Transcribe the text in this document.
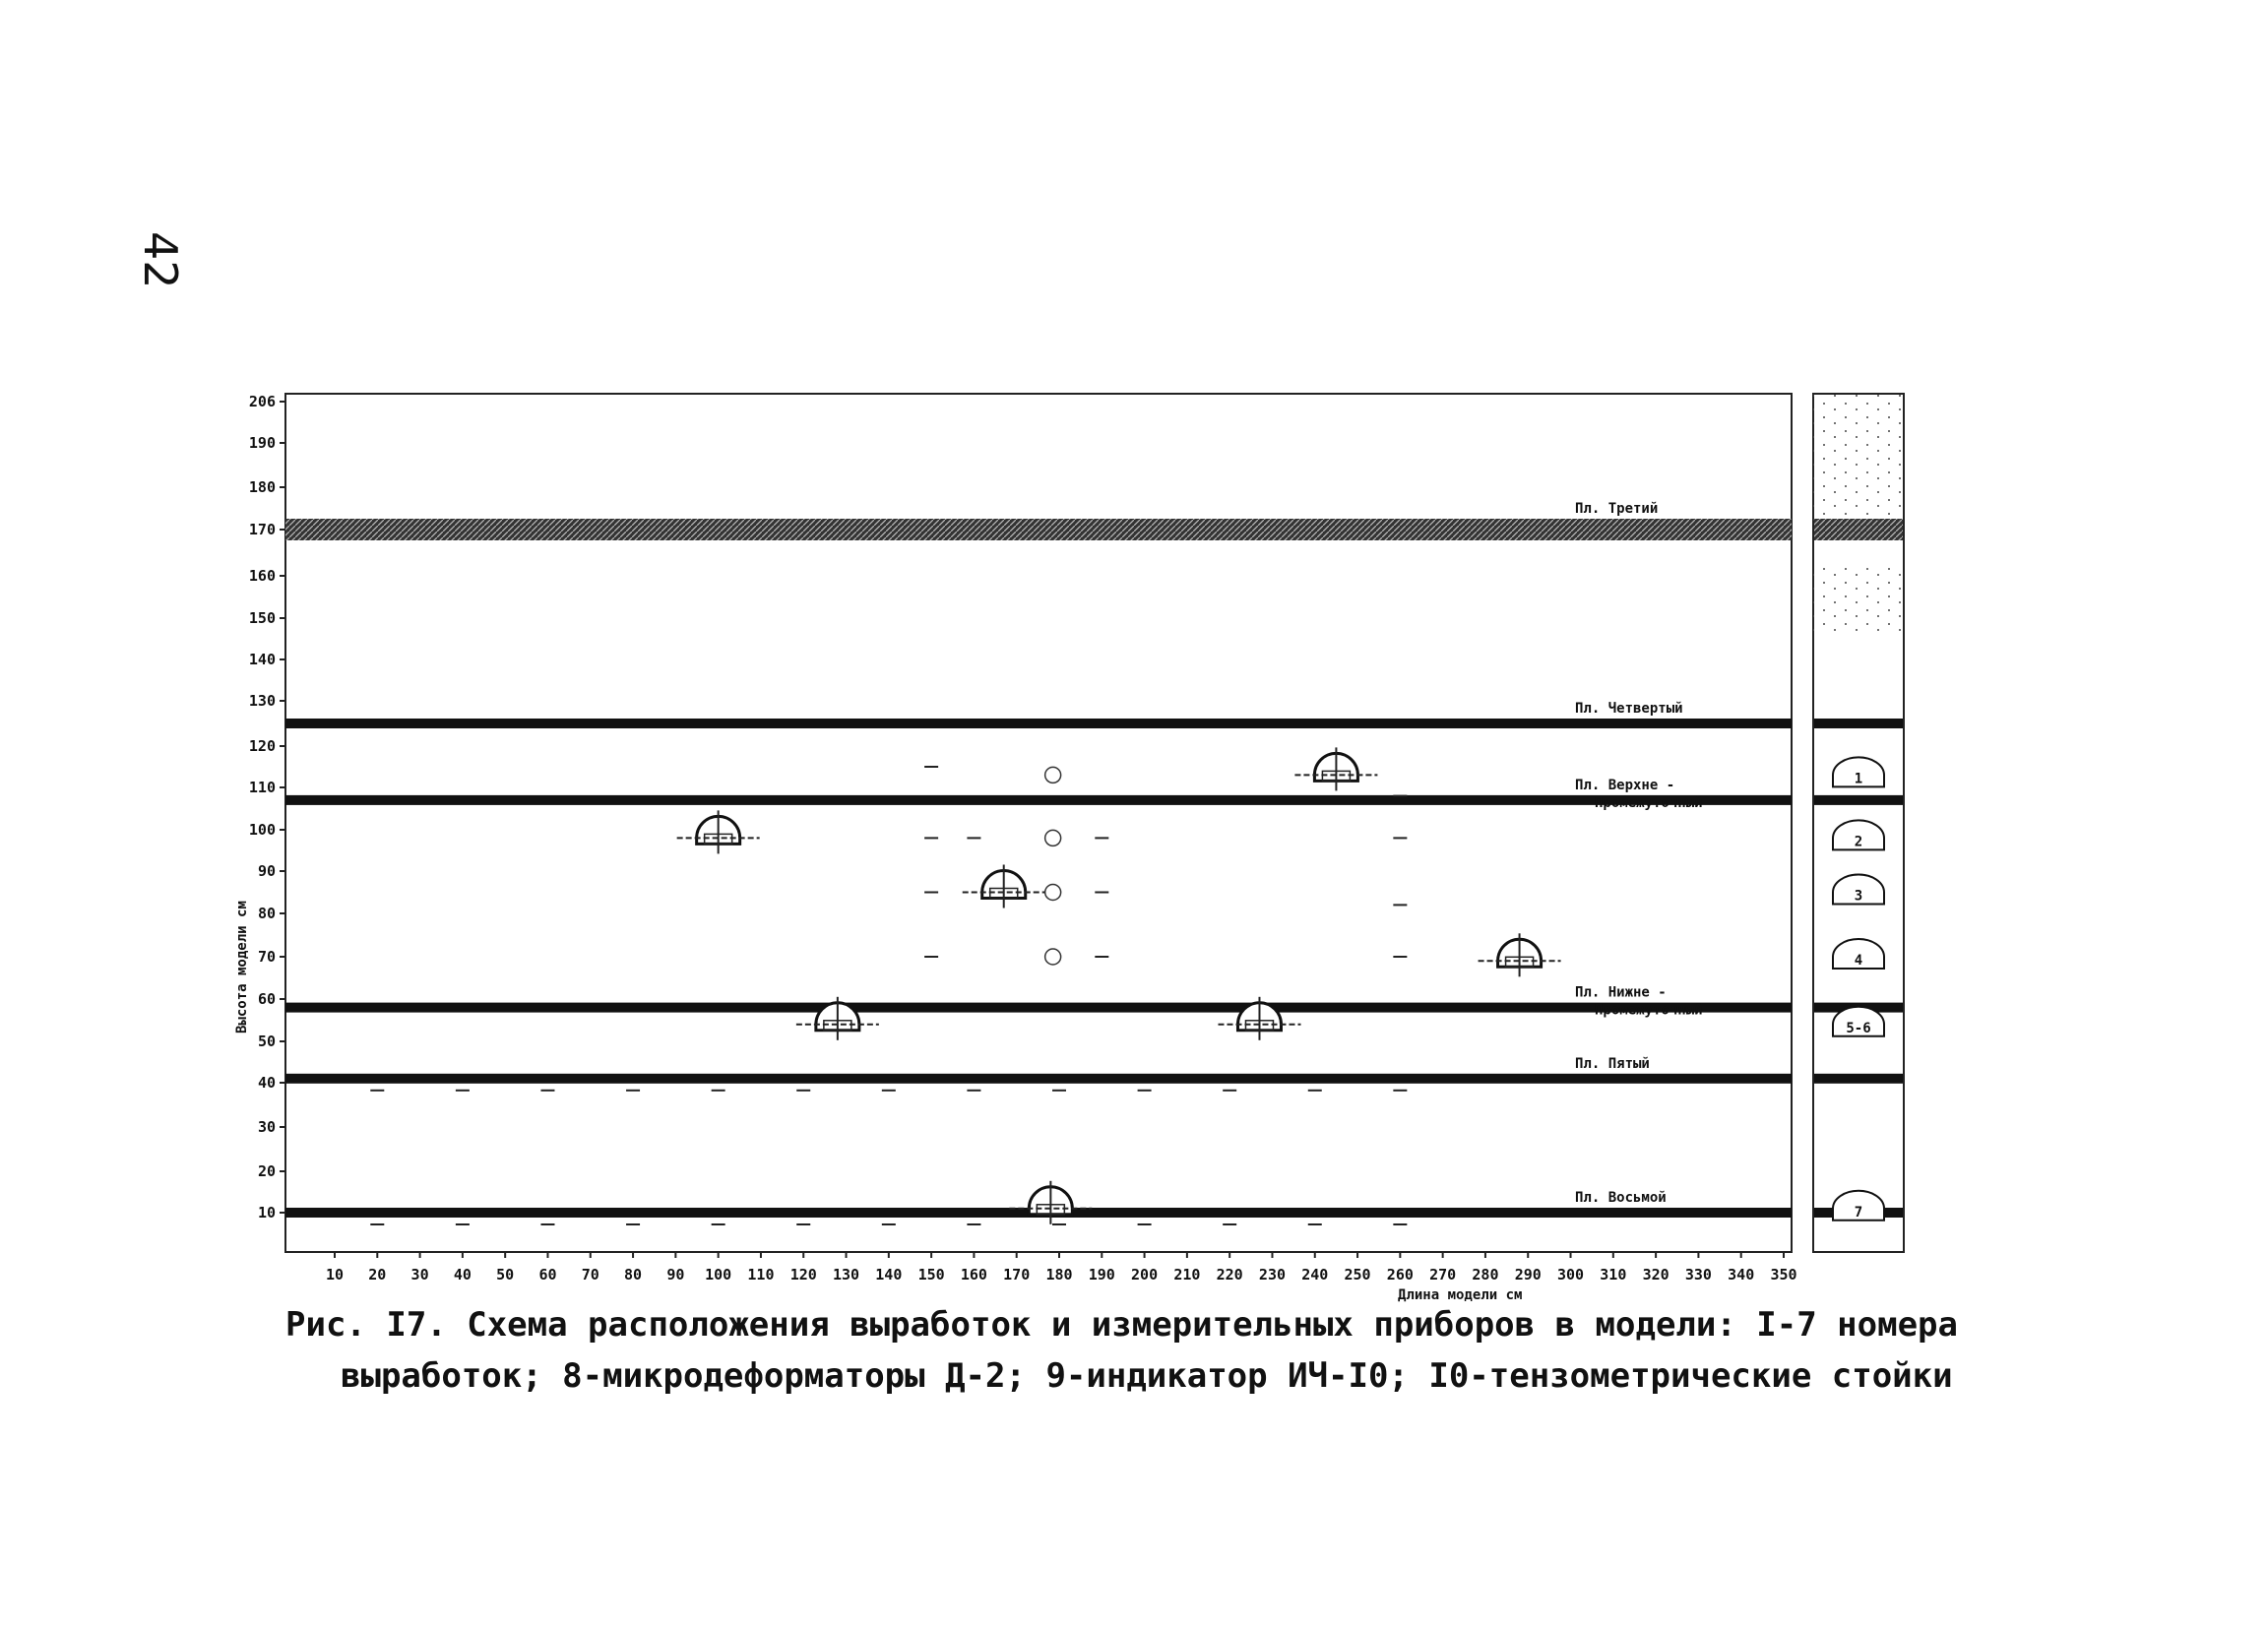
42
206
190
180
170
160
150
140
130
120
110
100
90
80
70
60
50
40
30
20
10
10 20 30 40 50 60 70 80 90 100 110 120 130 140 150 160 170 180 190 200 210 220 230 240 250 260 270 280 290 300 310 320 330 340 350
Высота модели см
Длина модели см
Пл. Третий
Пл. Четвертый
Пл. Верхне -
Промежуточный
Пл. Нижне -
Промежуточный
Пл. Пятый
Пл. Восьмой
1
2
3
4
5-6
7
Рис. I7. Схема расположения выработок и измерительных приборов в модели: I-7 номера
выработок; 8-микродеформаторы Д-2; 9-индикатор ИЧ-I0; I0-тензометрические стойки
